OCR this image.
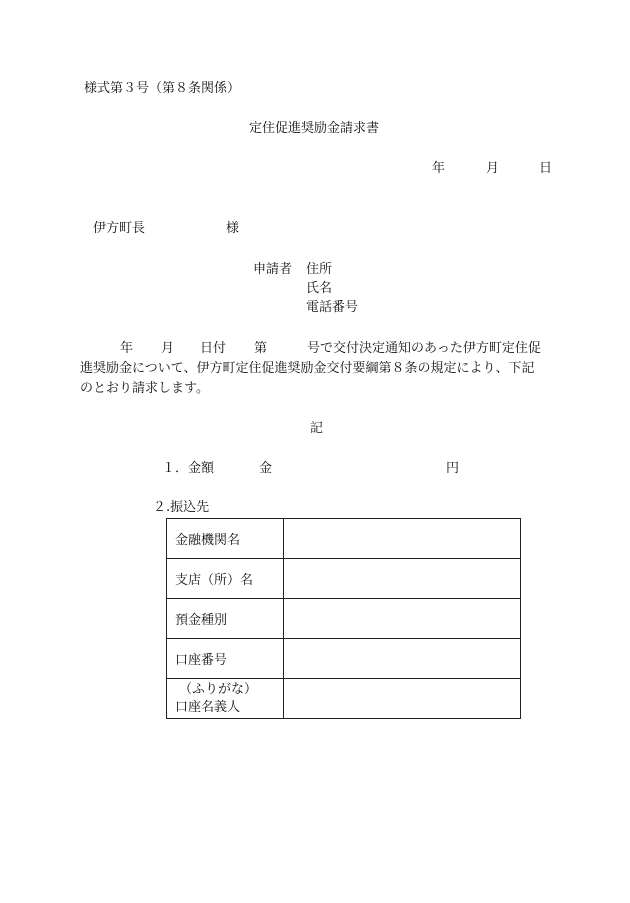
様式第３号（第８条関係）
定住促進奨励金請求書
年	月	日
伊方町長	様
申請者 住所
氏名
電話番号
年 月 日付 第	号で交付決定通知のあった伊方町定住促
進奨励金について、伊方町定住促進奨励金交付要綱第８条の規定により、下記
のとおり請求します。
記
１．金額	金	円
２.振込先
金融機関名	
支店（所）名	
預金種別	
口座番号	

（ふりがな）
口座名義人	
